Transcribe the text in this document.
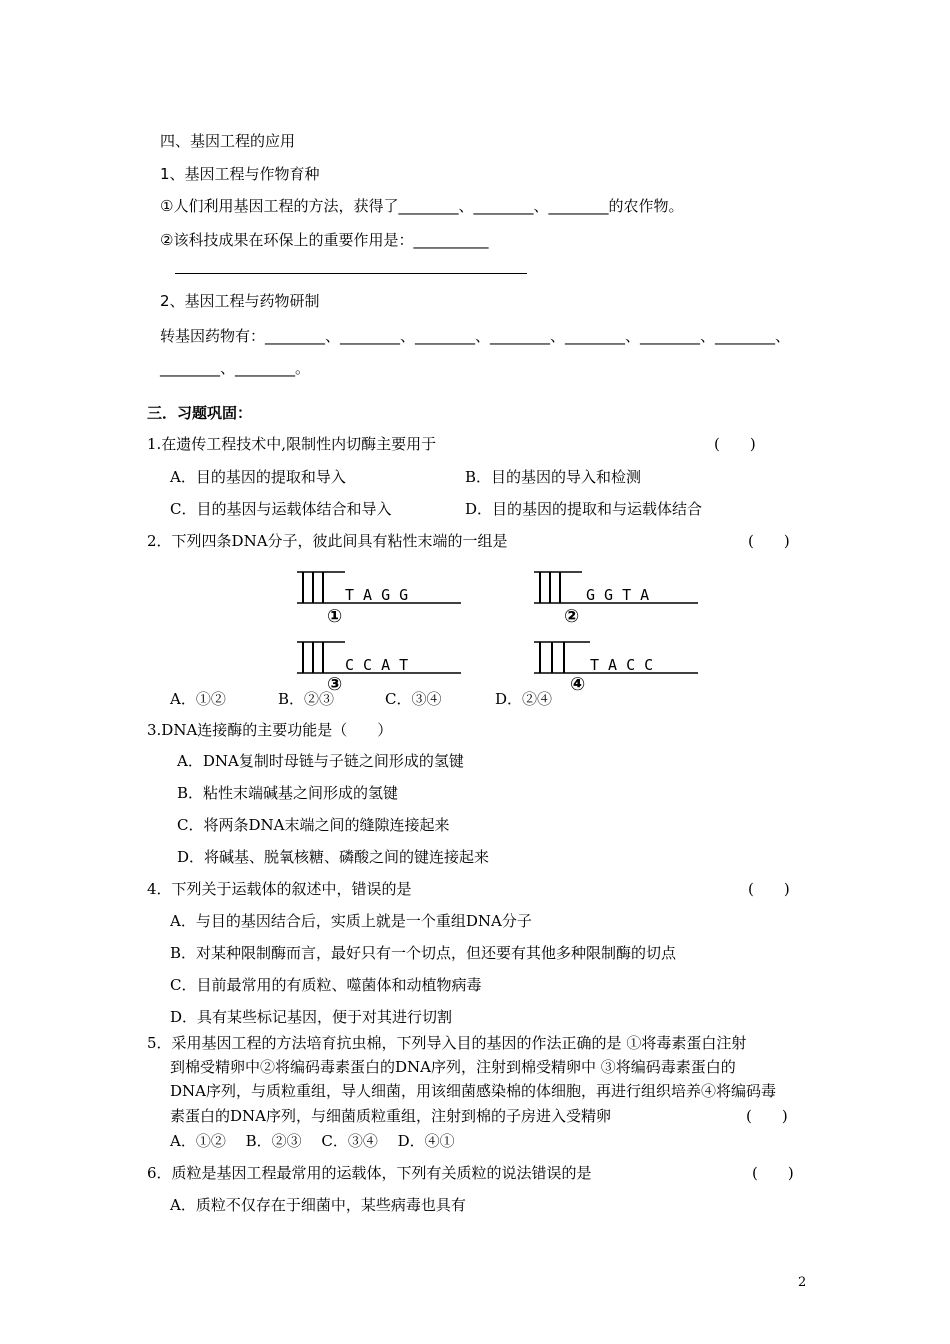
四、基因工程的应用
1、基因工程与作物育种
①人们利用基因工程的方法，获得了________、________、________的农作物。
②该科技成果在环保上的重要作用是：__________
2、基因工程与药物研制
转基因药物有：________、________、________、________、________、________、________、
________、________。
三．习题巩固：
1.在遗传工程技术中,限制性内切酶主要用于	(　　)
A．目的基因的提取和导入	B．目的基因的导入和检测
C．目的基因与运载体结合和导入	D．目的基因的提取和与运载体结合
2．下列四条DNA分子，彼此间具有粘性末端的一组是	(　　)
T A G G
①
G G T A
②
C C A T
③
T A C C
④
A．①②	B．②③	C．③④	D．②④
3.DNA连接酶的主要功能是（　　）
A．DNA复制时母链与子链之间形成的氢键
B．粘性末端碱基之间形成的氢键
C．将两条DNA末端之间的缝隙连接起来
D．将碱基、脱氧核糖、磷酸之间的键连接起来
4．下列关于运载体的叙述中，错误的是	(　　)
A．与目的基因结合后，实质上就是一个重组DNA分子
B．对某种限制酶而言，最好只有一个切点，但还要有其他多种限制酶的切点
C．目前最常用的有质粒、噬菌体和动植物病毒
D．具有某些标记基因，便于对其进行切割
5．采用基因工程的方法培育抗虫棉，下列导入目的基因的作法正确的是 ①将毒素蛋白注射
到棉受精卵中②将编码毒素蛋白的DNA序列，注射到棉受精卵中 ③将编码毒素蛋白的
DNA序列，与质粒重组，导人细菌，用该细菌感染棉的体细胞，再进行组织培养④将编码毒
素蛋白的DNA序列，与细菌质粒重组，注射到棉的子房进入受精卵	(　　)
A．①②　 B．②③　 C．③④　 D．④①
6．质粒是基因工程最常用的运载体，下列有关质粒的说法错误的是	(　　)
A．质粒不仅存在于细菌中，某些病毒也具有
2
